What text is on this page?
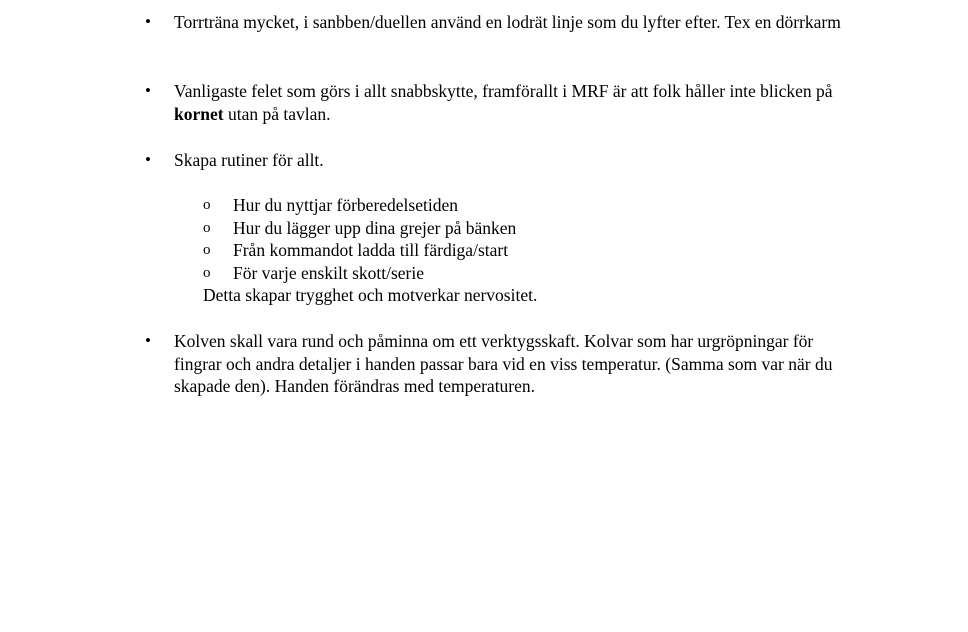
•	Torrträna mycket, i sanbben/duellen använd en lodrät linje som du lyfter efter. Tex en dörrkarm
•	Vanligaste felet som görs i allt snabbskytte, framförallt i MRF är att folk håller inte blicken på kornet utan på tavlan.
•	Skapa rutiner för allt.
o Hur du nyttjar förberedelsetiden
o Hur du lägger upp dina grejer på bänken
o Från kommandot ladda till färdiga/start
o För varje enskilt skott/serie
Detta skapar trygghet och motverkar nervositet.
•	Kolven skall vara rund och påminna om ett verktygsskaft. Kolvar som har urgröpningar för fingrar och andra detaljer i handen passar bara vid en viss temperatur. (Samma som var när du skapade den). Handen förändras med temperaturen.
